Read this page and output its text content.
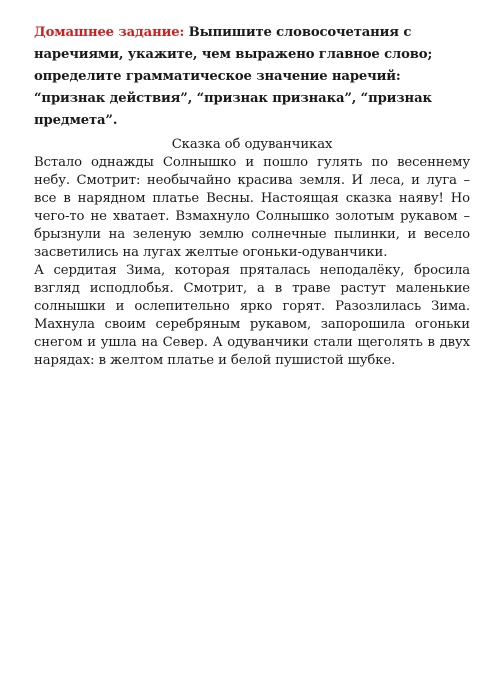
Домашнее задание: Выпишите словосочетания с наречиями, укажите, чем выражено главное слово; определите грамматическое значение наречий: “признак действия”, “признак признака”, “признак предмета”.
Сказка об одуванчиках

Встало однажды Солнышко и пошло гулять по весеннему небу. Смотрит: необычайно красива земля. И леса, и луга – все в нарядном платье Весны. Настоящая сказка наяву! Но чего-то не хватает. Взмахнуло Солнышко золотым рукавом – брызнули на зеленую землю солнечные пылинки, и весело засветились на лугах желтые огоньки-одуванчики.

А сердитая Зима, которая пряталась неподалёку, бросила взгляд исподлобья. Смотрит, а в траве растут маленькие солнышки и ослепительно ярко горят. Разозлилась Зима. Махнула своим серебряным рукавом, запорошила огоньки снегом и ушла на Север. А одуванчики стали щеголять в двух нарядах: в желтом платье и белой пушистой шубке.
